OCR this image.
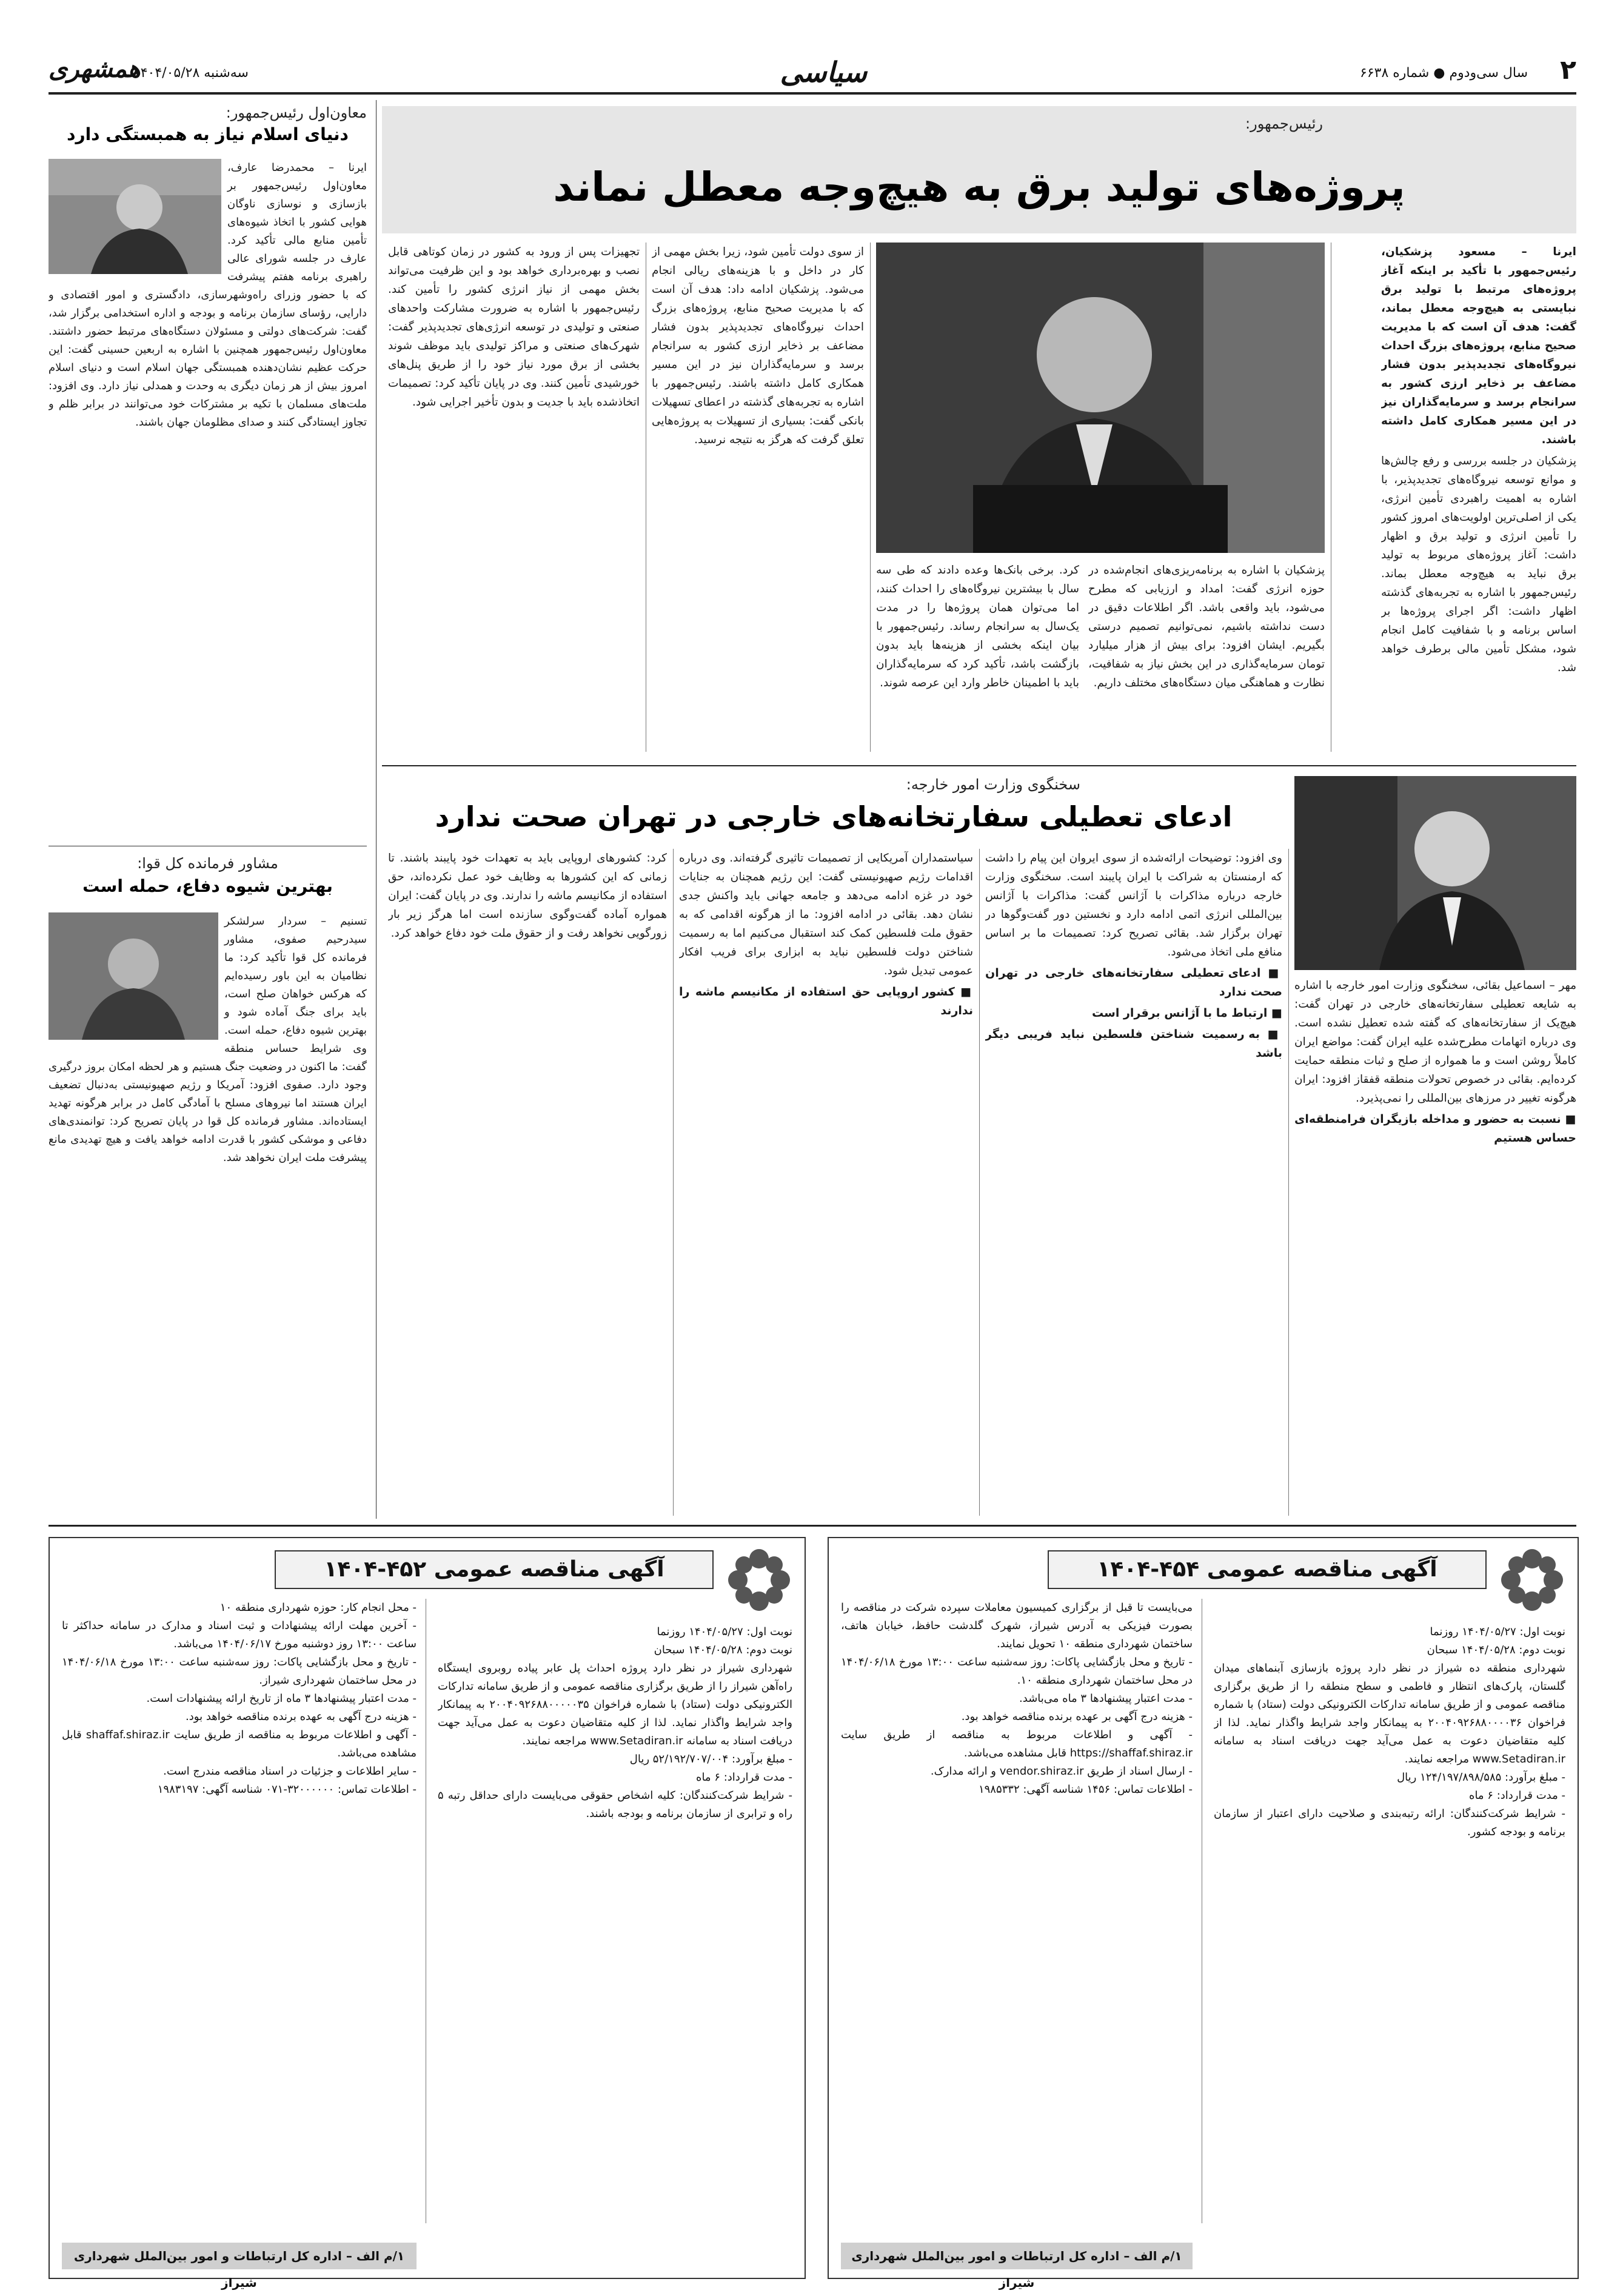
۲
سال سی‌ودوم ● شماره ۶۶۳۸
سیاسی
سه‌شنبه ۱۴۰۴/۰۵/۲۸
همشهری
رئیس‌جمهور:
پروژه‌های تولید برق به هیچ‌وجه معطل نماند

ایرنا – مسعود پزشکیان، رئیس‌جمهور با تأکید بر اینکه آغاز پروژه‌های مرتبط با تولید برق نبایستی به هیچ‌وجه معطل بماند، گفت: هدف آن است که با مدیریت صحیح منابع، پروژه‌های بزرگ احداث نیروگاه‌های تجدیدپذیر بدون فشار مضاعف بر ذخایر ارزی کشور به سرانجام برسد و سرمایه‌گذاران نیز در این مسیر همکاری کامل داشته باشند.

پزشکیان در جلسه بررسی و رفع چالش‌ها و موانع توسعه نیروگاه‌های تجدیدپذیر، با اشاره به اهمیت راهبردی تأمین انرژی، یکی از اصلی‌ترین اولویت‌های امروز کشور را تأمین انرژی و تولید برق و اظهار داشت: آغاز پروژه‌های مربوط به تولید برق نباید به هیچ‌وجه معطل بماند. رئیس‌جمهور با اشاره به تجربه‌های گذشته اظهار داشت: اگر اجرای پروژه‌ها بر اساس برنامه و با شفافیت کامل انجام شود، مشکل تأمین مالی برطرف خواهد شد.

پزشکیان با اشاره به برنامه‌ریزی‌های انجام‌شده در حوزه انرژی گفت: امداد و ارزیابی که مطرح می‌شود، باید واقعی باشد. اگر اطلاعات دقیق در دست نداشته باشیم، نمی‌توانیم تصمیم درستی بگیریم. ایشان افزود: برای بیش از هزار میلیارد تومان سرمایه‌گذاری در این بخش نیاز به شفافیت، نظارت و هماهنگی میان دستگاه‌های مختلف داریم.

کرد. برخی بانک‌ها وعده دادند که طی سه سال با بیشترین نیروگاه‌های را احداث کنند، اما می‌توان همان پروژه‌ها را در مدت یک‌سال به سرانجام رساند. رئیس‌جمهور با بیان اینکه بخشی از هزینه‌ها باید بدون بازگشت باشد، تأکید کرد که سرمایه‌گذاران باید با اطمینان خاطر وارد این عرصه شوند.

از سوی دولت تأمین شود، زیرا بخش مهمی از کار در داخل و با هزینه‌های ریالی انجام می‌شود. پزشکیان ادامه داد: هدف آن است که با مدیریت صحیح منابع، پروژه‌های بزرگ احداث نیروگاه‌های تجدیدپذیر بدون فشار مضاعف بر ذخایر ارزی کشور به سرانجام برسد و سرمایه‌گذاران نیز در این مسیر همکاری کامل داشته باشند. رئیس‌جمهور با اشاره به تجربه‌های گذشته در اعطای تسهیلات بانکی گفت: بسیاری از تسهیلات به پروژه‌هایی تعلق گرفت که هرگز به نتیجه نرسید.

تجهیزات پس از ورود به کشور در زمان کوتاهی قابل نصب و بهره‌برداری خواهد بود و این ظرفیت می‌تواند بخش مهمی از نیاز انرژی کشور را تأمین کند. رئیس‌جمهور با اشاره به ضرورت مشارکت واحدهای صنعتی و تولیدی در توسعه انرژی‌های تجدیدپذیر گفت: شهرک‌های صنعتی و مراکز تولیدی باید موظف شوند بخشی از برق مورد نیاز خود را از طریق پنل‌های خورشیدی تأمین کنند. وی در پایان تأکید کرد: تصمیمات اتخاذشده باید با جدیت و بدون تأخیر اجرایی شود.

معاون‌اول رئیس‌جمهور:
دنیای اسلام نیاز به همبستگی دارد

ایرنا – محمدرضا عارف، معاون‌اول رئیس‌جمهور بر بازسازی و نوسازی ناوگان هوایی کشور با اتخاذ شیوه‌های تأمین منابع مالی تأکید کرد. عارف در جلسه شورای عالی راهبری برنامه هفتم پیشرفت که با حضور وزرای راه‌وشهرسازی، دادگستری و امور اقتصادی و دارایی، رؤسای سازمان برنامه و بودجه و اداره استخدامی برگزار شد، گفت: شرکت‌های دولتی و مسئولان دستگاه‌های مرتبط حضور داشتند. معاون‌اول رئیس‌جمهور همچنین با اشاره به اربعین حسینی گفت: این حرکت عظیم نشان‌دهنده همبستگی جهان اسلام است و دنیای اسلام امروز بیش از هر زمان دیگری به وحدت و همدلی نیاز دارد. وی افزود: ملت‌های مسلمان با تکیه بر مشترکات خود می‌توانند در برابر ظلم و تجاوز ایستادگی کنند و صدای مظلومان جهان باشند.

مشاور فرمانده کل قوا:
بهترین شیوه دفاع، حمله است

تسنیم – سردار سرلشکر سیدرحیم صفوی، مشاور فرمانده کل قوا تأکید کرد: ما نظامیان به این باور رسیده‌ایم که هرکس خواهان صلح است، باید برای جنگ آماده شود و بهترین شیوه دفاع، حمله است. وی شرایط حساس منطقه گفت: ما اکنون در وضعیت جنگ هستیم و هر لحظه امکان بروز درگیری وجود دارد. صفوی افزود: آمریکا و رژیم صهیونیستی به‌دنبال تضعیف ایران هستند اما نیروهای مسلح با آمادگی کامل در برابر هرگونه تهدید ایستاده‌اند. مشاور فرمانده کل قوا در پایان تصریح کرد: توانمندی‌های دفاعی و موشکی کشور با قدرت ادامه خواهد یافت و هیچ تهدیدی مانع پیشرفت ملت ایران نخواهد شد.

سخنگوی وزارت امور خارجه:
ادعای تعطیلی سفارتخانه‌های خارجی در تهران صحت ندارد

مهر – اسماعیل بقائی، سخنگوی وزارت امور خارجه با اشاره به شایعه تعطیلی سفارتخانه‌های خارجی در تهران گفت: هیچ‌یک از سفارتخانه‌های که گفته شده تعطیل نشده است. وی درباره اتهامات مطرح‌شده علیه ایران گفت: مواضع ایران کاملاً روشن است و ما همواره از صلح و ثبات منطقه حمایت کرده‌ایم. بقائی در خصوص تحولات منطقه قفقاز افزود: ایران هرگونه تغییر در مرزهای بین‌المللی را نمی‌پذیرد.

■ نسبت به حضور و مداخله بازیگران فرامنطقه‌ای حساس هستیم

وی افزود: توضیحات ارائه‌شده از سوی ایروان این پیام را داشت که ارمنستان به شراکت با ایران پایبند است. سخنگوی وزارت خارجه درباره مذاکرات با آژانس گفت: مذاکرات با آژانس بین‌المللی انرژی اتمی ادامه دارد و نخستین دور گفت‌وگوها در تهران برگزار شد. بقائی تصریح کرد: تصمیمات ما بر اساس منافع ملی اتخاذ می‌شود.

■ ادعای تعطیلی سفارتخانه‌های خارجی در تهران صحت ندارد

■ ارتباط ما با آژانس برقرار است

■ به رسمیت شناختن فلسطین نباید فریبی دیگر باشد

سیاستمداران آمریکایی از تصمیمات تاثیری گرفته‌اند. وی درباره اقدامات رژیم صهیونیستی گفت: این رژیم همچنان به جنایات خود در غزه ادامه می‌دهد و جامعه جهانی باید واکنش جدی نشان دهد. بقائی در ادامه افزود: ما از هرگونه اقدامی که به حقوق ملت فلسطین کمک کند استقبال می‌کنیم اما به رسمیت شناختن دولت فلسطین نباید به ابزاری برای فریب افکار عمومی تبدیل شود.

■ کشور اروپایی حق استفاده از مکانیسم ماشه را ندارند

کرد: کشورهای اروپایی باید به تعهدات خود پایبند باشند. تا زمانی که این کشورها به وظایف خود عمل نکرده‌اند، حق استفاده از مکانیسم ماشه را ندارند. وی در پایان گفت: ایران همواره آماده گفت‌وگوی سازنده است اما هرگز زیر بار زورگویی نخواهد رفت و از حقوق ملت خود دفاع خواهد کرد.

آگهی مناقصه عمومی ۴۵۴-۱۴۰۴
نوبت اول: ۱۴۰۴/۰۵/۲۷ روزنما
نوبت دوم: ۱۴۰۴/۰۵/۲۸ سبحان
شهرداری منطقه ده شیراز در نظر دارد پروژه بازسازی آبنماهای میدان گلستان، پارک‌های انتظار و فاطمی و سطح منطقه را از طریق برگزاری مناقصه عمومی و از طریق سامانه تدارکات الکترونیکی دولت (ستاد) با شماره فراخوان ۲۰۰۴۰۹۲۶۸۸۰۰۰۰۳۶ به پیمانکار واجد شرایط واگذار نماید. لذا از کلیه متقاضیان دعوت به عمل می‌آید جهت دریافت اسناد به سامانه www.Setadiran.ir مراجعه نمایند.
- مبلغ برآورد: ۱۲۴/۱۹۷/۸۹۸/۵۸۵ ریال
- مدت قرارداد: ۶ ماه
- شرایط شرکت‌کنندگان: ارائه رتبه‌بندی و صلاحیت دارای اعتبار از سازمان برنامه و بودجه کشور.
می‌بایست تا قبل از برگزاری کمیسیون معاملات سپرده شرکت در مناقصه را بصورت فیزیکی به آدرس شیراز، شهرک گلدشت حافظ، خیابان هاتف، ساختمان شهرداری منطقه ۱۰ تحویل نمایند.
- تاریخ و محل بازگشایی پاکات: روز سه‌شنبه ساعت ۱۳:۰۰ مورخ ۱۴۰۴/۰۶/۱۸ در محل ساختمان شهرداری منطقه ۱۰.
- مدت اعتبار پیشنهادها ۳ ماه می‌باشد.
- هزینه درج آگهی بر عهده برنده مناقصه خواهد بود.
- آگهی و اطلاعات مربوط به مناقصه از طریق سایت https://shaffaf.shiraz.ir قابل مشاهده می‌باشد.
- ارسال اسناد از طریق vendor.shiraz.ir و ارائه مدارک.
- اطلاعات تماس: ۱۴۵۶ شناسه آگهی: ۱۹۸۵۳۳۲
۱/م الف – اداره کل ارتباطات و امور بین‌الملل شهرداری شیراز
آگهی مناقصه عمومی ۴۵۲-۱۴۰۴
نوبت اول: ۱۴۰۴/۰۵/۲۷ روزنما
نوبت دوم: ۱۴۰۴/۰۵/۲۸ سبحان
شهرداری شیراز در نظر دارد پروژه احداث پل عابر پیاده روبروی ایستگاه راه‌آهن شیراز را از طریق برگزاری مناقصه عمومی و از طریق سامانه تدارکات الکترونیکی دولت (ستاد) با شماره فراخوان ۲۰۰۴۰۹۲۶۸۸۰۰۰۰۰۳۵ به پیمانکار واجد شرایط واگذار نماید. لذا از کلیه متقاضیان دعوت به عمل می‌آید جهت دریافت اسناد به سامانه www.Setadiran.ir مراجعه نمایند.
- مبلغ برآورد: ۵۲/۱۹۲/۷۰۷/۰۰۴ ریال
- مدت قرارداد: ۶ ماه
- شرایط شرکت‌کنندگان: کلیه اشخاص حقوقی می‌بایست دارای حداقل رتبه ۵ راه و ترابری از سازمان برنامه و بودجه باشند.
- محل انجام کار: حوزه شهرداری منطقه ۱۰
- آخرین مهلت ارائه پیشنهادات و ثبت اسناد و مدارک در سامانه حداکثر تا ساعت ۱۳:۰۰ روز دوشنبه مورخ ۱۴۰۴/۰۶/۱۷ می‌باشد.
- تاریخ و محل بازگشایی پاکات: روز سه‌شنبه ساعت ۱۳:۰۰ مورخ ۱۴۰۴/۰۶/۱۸ در محل ساختمان شهرداری شیراز.
- مدت اعتبار پیشنهادها ۳ ماه از تاریخ ارائه پیشنهادات است.
- هزینه درج آگهی به عهده برنده مناقصه خواهد بود.
- آگهی و اطلاعات مربوط به مناقصه از طریق سایت shaffaf.shiraz.ir قابل مشاهده می‌باشد.
- سایر اطلاعات و جزئیات در اسناد مناقصه مندرج است.
- اطلاعات تماس: ۳۲۰۰۰۰۰۰-۰۷۱ شناسه آگهی: ۱۹۸۳۱۹۷
۱/م الف – اداره کل ارتباطات و امور بین‌الملل شهرداری شیراز
